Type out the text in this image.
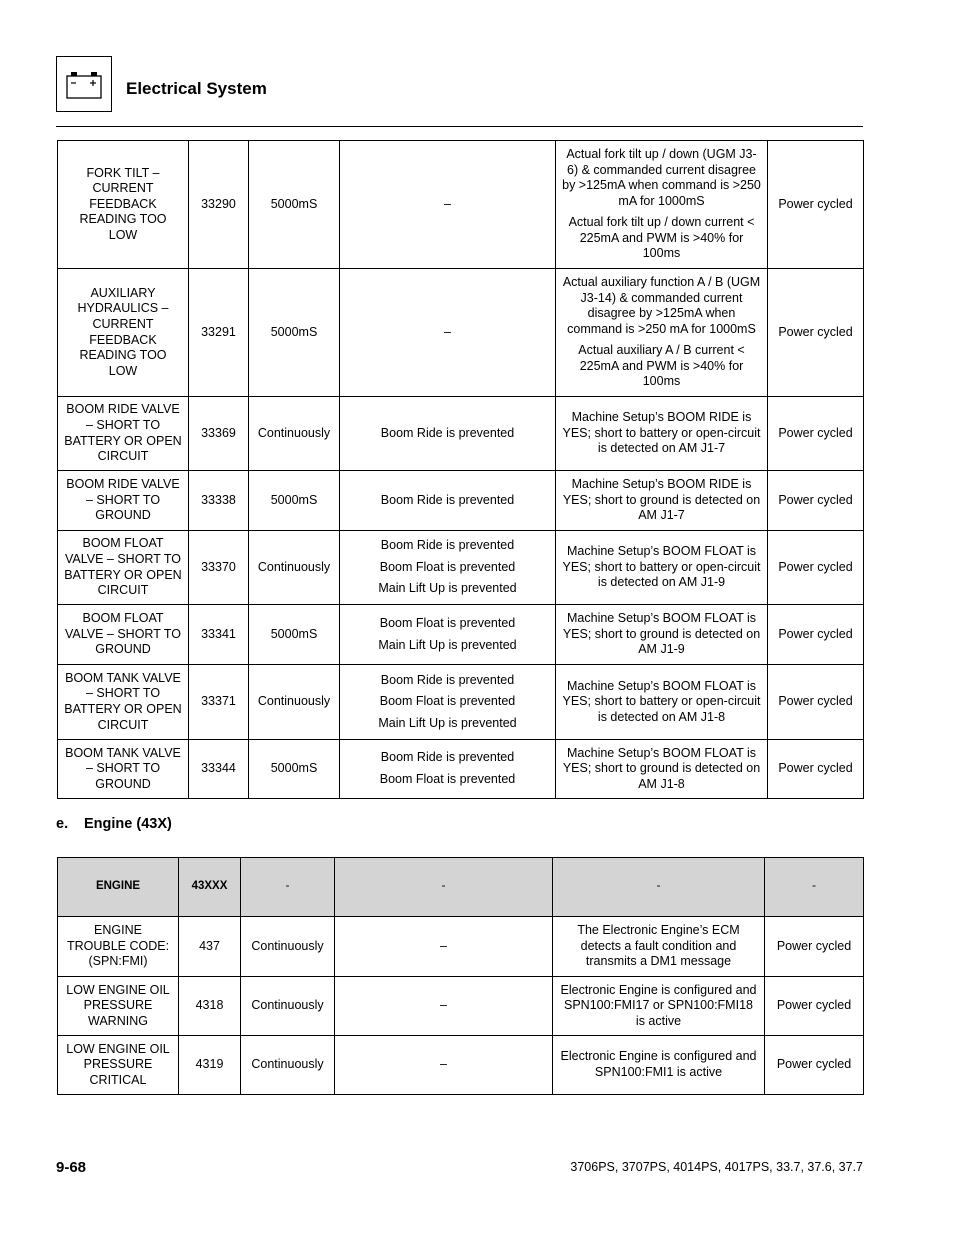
Electrical System
FORK TILT – CURRENT FEEDBACK READING TOO LOW	33290	5000mS	–	Actual fork tilt up / down (UGM J3-6) & commanded current disagree by >125mA when command is >250 mA for 1000mS

Actual fork tilt up / down current < 225mA and PWM is >40% for 100ms	Power cycled
AUXILIARY HYDRAULICS – CURRENT FEEDBACK READING TOO LOW	33291	5000mS	–	Actual auxiliary function A / B (UGM J3-14) & commanded current disagree by >125mA when command is >250 mA for 1000mS

Actual auxiliary A / B current < 225mA and PWM is >40% for 100ms	Power cycled
BOOM RIDE VALVE – SHORT TO BATTERY OR OPEN CIRCUIT	33369	Continuously	Boom Ride is prevented	Machine Setup’s BOOM RIDE is YES; short to battery or open-circuit is detected on AM J1-7	Power cycled
BOOM RIDE VALVE – SHORT TO GROUND	33338	5000mS	Boom Ride is prevented	Machine Setup’s BOOM RIDE is YES; short to ground is detected on AM J1-7	Power cycled
BOOM FLOAT VALVE – SHORT TO BATTERY OR OPEN CIRCUIT	33370	Continuously	Boom Ride is prevented

Boom Float is prevented

Main Lift Up is prevented	Machine Setup’s BOOM FLOAT is YES; short to battery or open-circuit is detected on AM J1-9	Power cycled
BOOM FLOAT VALVE – SHORT TO GROUND	33341	5000mS	Boom Float is prevented

Main Lift Up is prevented	Machine Setup’s BOOM FLOAT is YES; short to ground is detected on AM J1-9	Power cycled
BOOM TANK VALVE – SHORT TO BATTERY OR OPEN CIRCUIT	33371	Continuously	Boom Ride is prevented

Boom Float is prevented

Main Lift Up is prevented	Machine Setup’s BOOM FLOAT is YES; short to battery or open-circuit is detected on AM J1-8	Power cycled
BOOM TANK VALVE – SHORT TO GROUND	33344	5000mS	Boom Ride is prevented

Boom Float is prevented	Machine Setup’s BOOM FLOAT is YES; short to ground is detected on AM J1-8	Power cycled
e. Engine (43X)
ENGINE	43XXX	-	-	-	-
ENGINE TROUBLE CODE: (SPN:FMI)	437	Continuously	–	The Electronic Engine’s ECM detects a fault condition and transmits a DM1 message	Power cycled
LOW ENGINE OIL PRESSURE WARNING	4318	Continuously	–	Electronic Engine is configured and SPN100:FMI17 or SPN100:FMI18 is active	Power cycled
LOW ENGINE OIL PRESSURE CRITICAL	4319	Continuously	–	Electronic Engine is configured and SPN100:FMI1 is active	Power cycled
9-68	3706PS, 3707PS, 4014PS, 4017PS, 33.7, 37.6, 37.7
